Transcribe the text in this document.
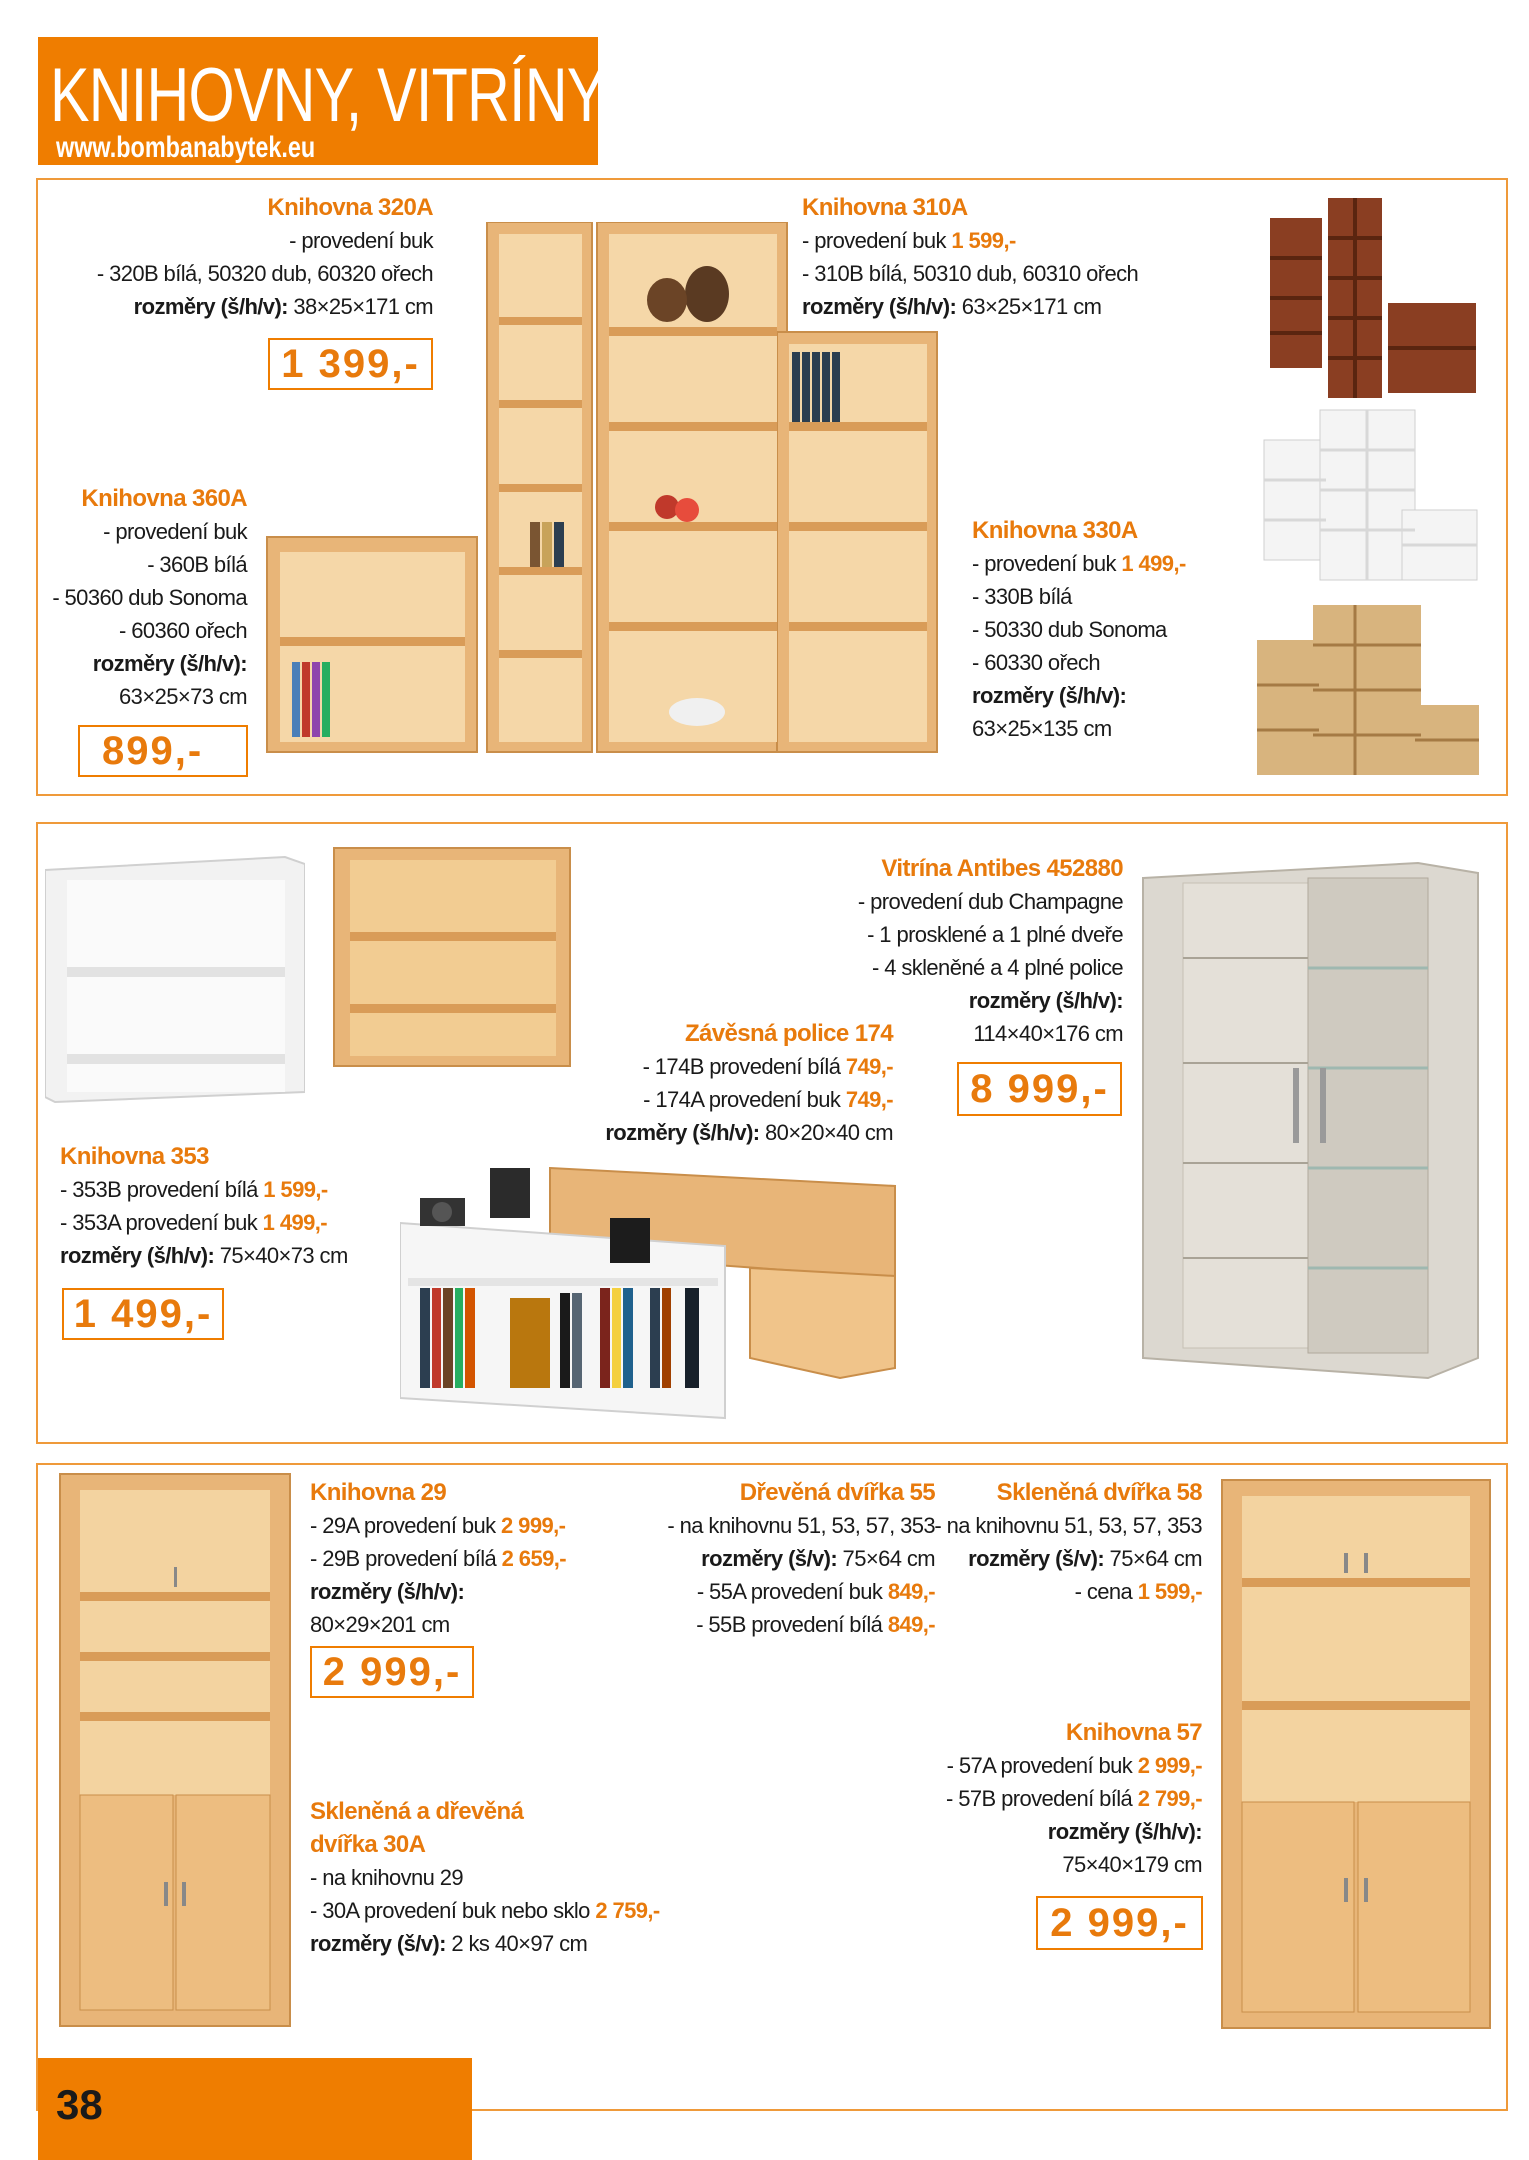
KNIHOVNY, VITRÍNY
www.bombanabytek.eu
Knihovna 320A
- provedení buk
- 320B bílá, 50320 dub, 60320 ořech
rozměry (š/h/v): 38×25×171 cm
1 399,-
Knihovna 310A
- provedení buk 1 599,-
- 310B bílá, 50310 dub, 60310 ořech
rozměry (š/h/v): 63×25×171 cm
Knihovna 360A
- provedení buk
- 360B bílá
- 50360 dub Sonoma
- 60360 ořech
rozměry (š/h/v):
63×25×73 cm
899,-
Knihovna 330A
- provedení buk 1 499,-
- 330B bílá
- 50330 dub Sonoma
- 60330 ořech
rozměry (š/h/v):
63×25×135 cm
Knihovna 353
- 353B provedení bílá 1 599,-
- 353A provedení buk 1 499,-
rozměry (š/h/v): 75×40×73 cm
1 499,-
Závěsná police 174
- 174B provedení bílá 749,-
- 174A provedení buk 749,-
rozměry (š/h/v): 80×20×40 cm
Vitrína Antibes 452880
- provedení dub Champagne
- 1 prosklené a 1 plné dveře
- 4 skleněné a 4 plné police
rozměry (š/h/v):
114×40×176 cm
8 999,-
Knihovna 29
- 29A provedení buk 2 999,-
- 29B provedení bílá 2 659,-
rozměry (š/h/v):
80×29×201 cm
2 999,-
Skleněná a dřevěná
dvířka 30A
- na knihovnu 29
- 30A provedení buk nebo sklo 2 759,-
rozměry (š/v): 2 ks 40×97 cm
Dřevěná dvířka 55
- na knihovnu 51, 53, 57, 353
rozměry (š/v): 75×64 cm
- 55A provedení buk 849,-
- 55B provedení bílá 849,-
Skleněná dvířka 58
- na knihovnu 51, 53, 57, 353
rozměry (š/v): 75×64 cm
- cena 1 599,-
Knihovna 57
- 57A provedení buk 2 999,-
- 57B provedení bílá 2 799,-
rozměry (š/h/v):
75×40×179 cm
2 999,-
38
